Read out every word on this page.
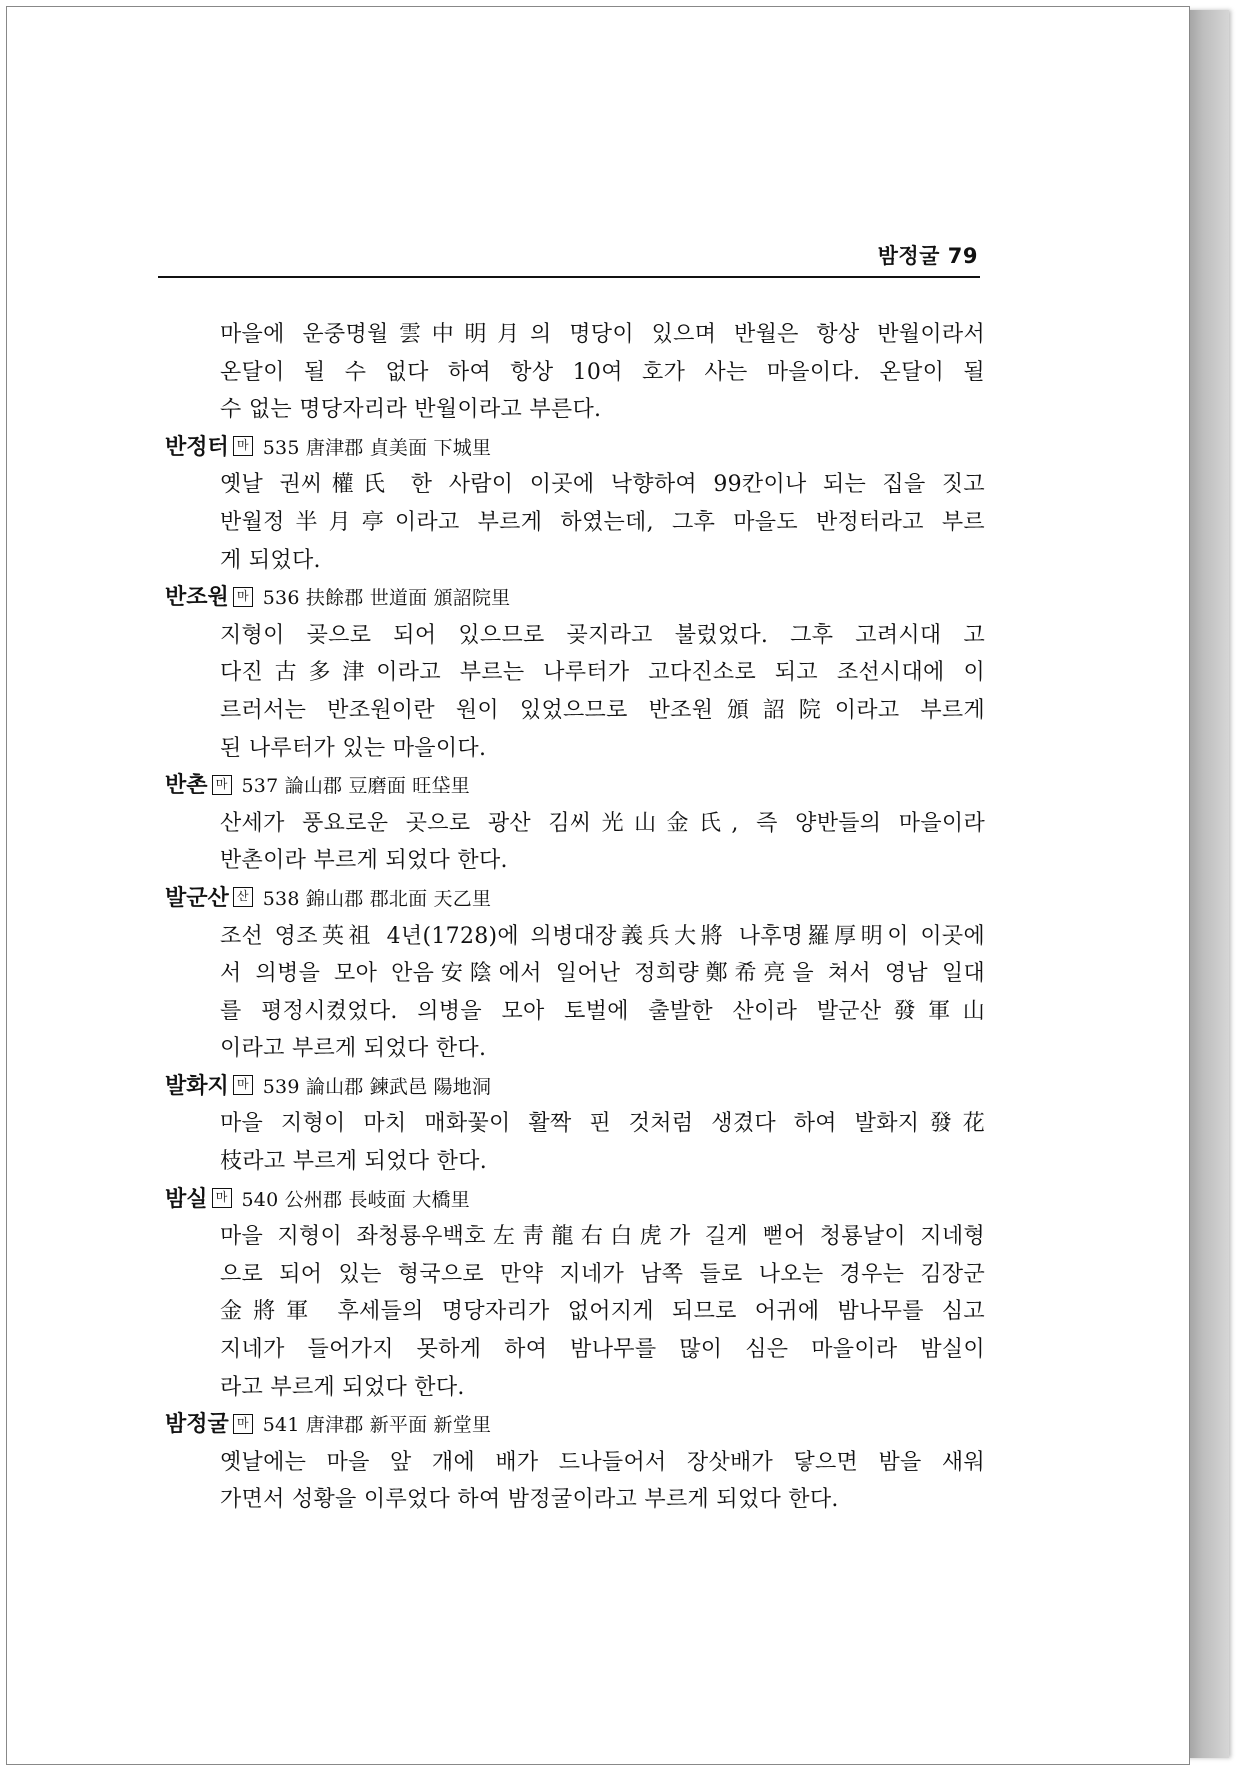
밤정굴 79
마을에 운중명월雲中明月의 명당이 있으며 반월은 항상 반월이라서
온달이 될 수 없다 하여 항상 10여 호가 사는 마을이다. 온달이 될
수 없는 명당자리라 반월이라고 부른다.
반정터 마 535 唐津郡 貞美面 下城里
옛날 권씨權氏 한 사람이 이곳에 낙향하여 99칸이나 되는 집을 짓고
반월정半月亭이라고 부르게 하였는데, 그후 마을도 반정터라고 부르
게 되었다.
반조원 마 536 扶餘郡 世道面 頒詔院里
지형이 곶으로 되어 있으므로 곶지라고 불렀었다. 그후 고려시대 고
다진古多津이라고 부르는 나루터가 고다진소로 되고 조선시대에 이
르러서는 반조원이란 원이 있었으므로 반조원頒詔院이라고 부르게
된 나루터가 있는 마을이다.
반촌 마 537 論山郡 豆磨面 旺垈里
산세가 풍요로운 곳으로 광산 김씨光山金氏, 즉 양반들의 마을이라
반촌이라 부르게 되었다 한다.
발군산 산 538 錦山郡 郡北面 天乙里
조선 영조英祖 4년(1728)에 의병대장義兵大將 나후명羅厚明이 이곳에
서 의병을 모아 안음安陰에서 일어난 정희량鄭希亮을 쳐서 영남 일대
를 평정시켰었다. 의병을 모아 토벌에 출발한 산이라 발군산發軍山
이라고 부르게 되었다 한다.
발화지 마 539 論山郡 鍊武邑 陽地洞
마을 지형이 마치 매화꽃이 활짝 핀 것처럼 생겼다 하여 발화지發花
枝라고 부르게 되었다 한다.
밤실 마 540 公州郡 長岐面 大橋里
마을 지형이 좌청룡우백호左靑龍右白虎가 길게 뻗어 청룡날이 지네형
으로 되어 있는 형국으로 만약 지네가 남쪽 들로 나오는 경우는 김장군
金將軍 후세들의 명당자리가 없어지게 되므로 어귀에 밤나무를 심고
지네가 들어가지 못하게 하여 밤나무를 많이 심은 마을이라 밤실이
라고 부르게 되었다 한다.
밤정굴 마 541 唐津郡 新平面 新堂里
옛날에는 마을 앞 개에 배가 드나들어서 장삿배가 닿으면 밤을 새워
가면서 성황을 이루었다 하여 밤정굴이라고 부르게 되었다 한다.
